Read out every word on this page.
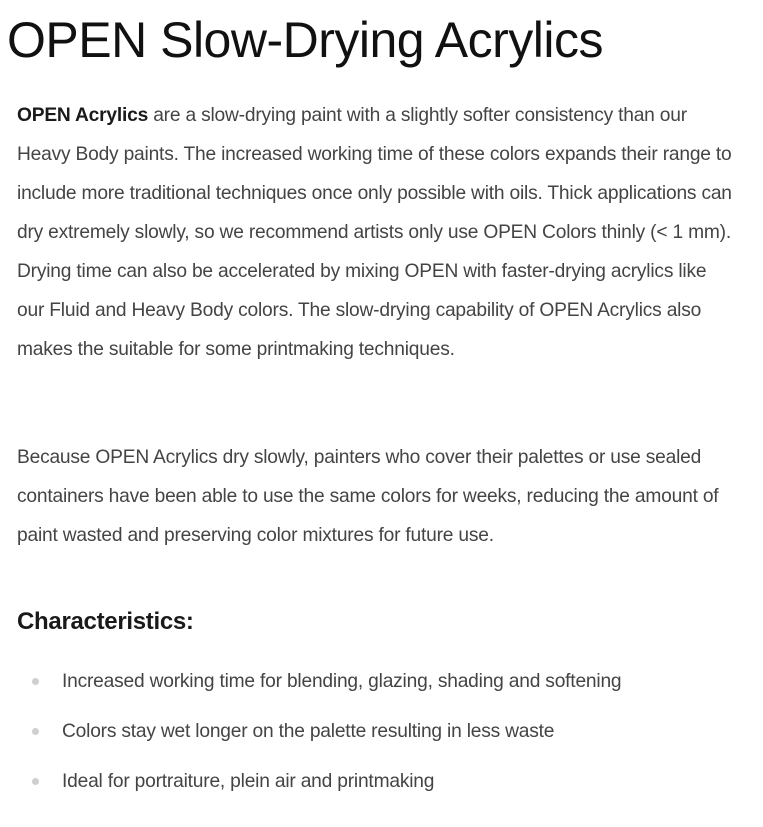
OPEN Slow-Drying Acrylics

OPEN Acrylics are a slow-drying paint with a slightly softer consistency than our Heavy Body paints. The increased working time of these colors expands their range to include more traditional techniques once only possible with oils. Thick applications can dry extremely slowly, so we recommend artists only use OPEN Colors thinly (< 1 mm). Drying time can also be accelerated by mixing OPEN with faster-drying acrylics like our Fluid and Heavy Body colors. The slow-drying capability of OPEN Acrylics also makes the suitable for some printmaking techniques.

Because OPEN Acrylics dry slowly, painters who cover their palettes or use sealed containers have been able to use the same colors for weeks, reducing the amount of paint wasted and preserving color mixtures for future use.

Characteristics:
Increased working time for blending, glazing, shading and softening
Colors stay wet longer on the palette resulting in less waste
Ideal for portraiture, plein air and printmaking
